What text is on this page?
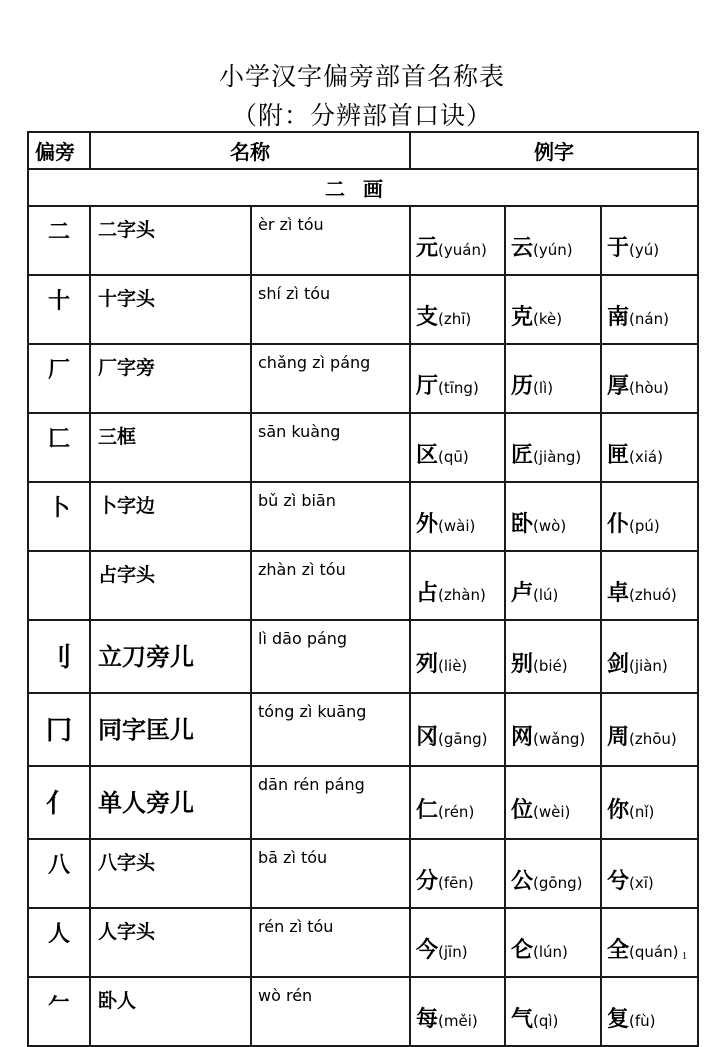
小学汉字偏旁部首名称表
（附：分辨部首口诀）
偏旁	名称		例字		
二画					
二	二字头	èr zì tóu	元(yuán)	云(yún)	于(yú)
十	十字头	shí zì tóu	支(zhī)	克(kè)	南(nán)
厂	厂字旁	chǎng zì páng	厅(tīng)	历(lì)	厚(hòu)
匚	三框	sān kuàng	区(qū)	匠(jiàng)	匣(xiá)
卜	卜字边	bǔ zì biān	外(wài)	卧(wò)	仆(pú)
	占字头	zhàn zì tóu	占(zhàn)	卢(lú)	卓(zhuó)
刂	立刀旁儿	lì dāo páng	列(liè)	别(bié)	剑(jiàn)
冂	同字匡儿	tóng zì kuāng	冈(gāng)	网(wǎng)	周(zhōu)
亻	单人旁儿	dān rén páng	仁(rén)	位(wèi)	你(nǐ)
八	八字头	bā zì tóu	分(fēn)	公(gōng)	兮(xī)
人	人字头	rén zì tóu	今(jīn)	仑(lún)	全(quán)
𠂉	卧人	wò rén	每(měi)	气(qì)	复(fù)
1
